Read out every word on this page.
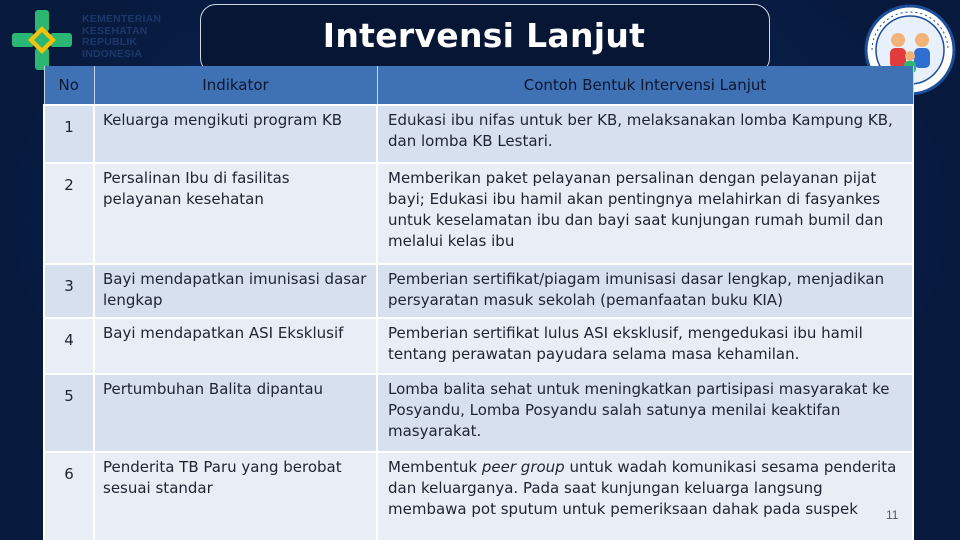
KEMENTERIAN
KESEHATAN
REPUBLIK
INDONESIA	Intervensi Lanjut
No	Indikator	Contoh Bentuk Intervensi Lanjut
1	Keluarga mengikuti program KB	Edukasi ibu nifas untuk ber KB, melaksanakan lomba Kampung KB, dan lomba KB Lestari.
2	Persalinan Ibu di fasilitas pelayanan kesehatan	Memberikan paket pelayanan persalinan dengan pelayanan pijat bayi; Edukasi ibu hamil akan pentingnya melahirkan di fasyankes untuk keselamatan ibu dan bayi saat kunjungan rumah bumil dan melalui kelas ibu
3	Bayi mendapatkan imunisasi dasar lengkap	Pemberian sertifikat/piagam imunisasi dasar lengkap, menjadikan persyaratan masuk sekolah (pemanfaatan buku KIA)
4	Bayi mendapatkan ASI Eksklusif	Pemberian sertifikat lulus ASI eksklusif, mengedukasi ibu hamil tentang perawatan payudara selama masa kehamilan.
5	Pertumbuhan Balita dipantau	Lomba balita sehat untuk meningkatkan partisipasi masyarakat ke Posyandu, Lomba Posyandu salah satunya menilai keaktifan masyarakat.
6	Penderita TB Paru yang berobat sesuai standar	Membentuk peer group untuk wadah komunikasi sesama penderita dan keluarganya. Pada saat kunjungan keluarga langsung membawa pot sputum untuk pemeriksaan dahak pada suspek 11
